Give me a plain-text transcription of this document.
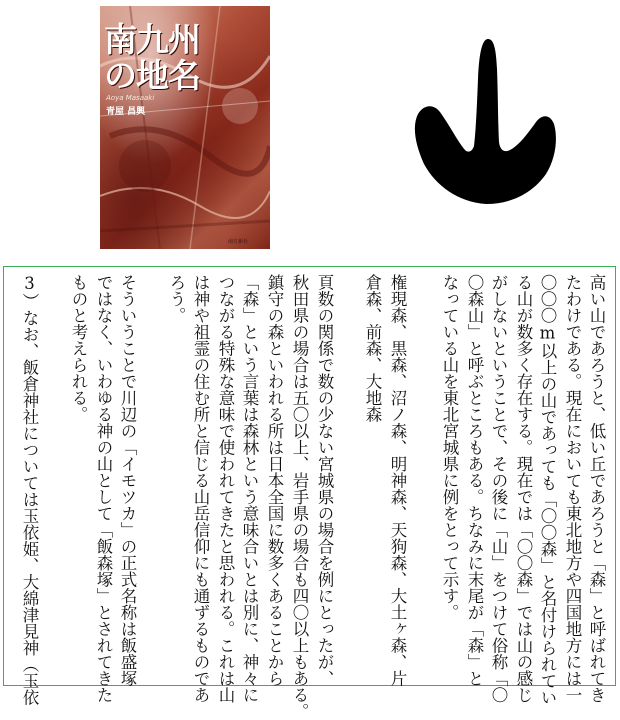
南九州
の地名
Aoya Masaaki
青屋 昌興
南方新社
高い山であろうと、低い丘であろうと「森」と呼ばれてき
たわけである。現在においても東北地方や四国地方には一
〇〇〇m以上の山であっても「〇〇森」と名付けられてい
る山が数多く存在する。現在では「〇〇森」では山の感じ
がしないということで、その後に「山」をつけて俗称「〇
〇森山」と呼ぶところもある。ちなみに末尾が「森」と
なっている山を東北宮城県に例をとって示す。
権現森、黒森、沼ノ森、明神森、天狗森、大土ヶ森、片
倉森、前森、大地森
頁数の関係で数の少ない宮城県の場合を例にとったが、
秋田県の場合は五〇以上、岩手県の場合も四〇以上もある。
鎮守の森といわれる所は日本全国に数多くあることから
「森」という言葉は森林という意味合いとは別に、神々に
つながる特殊な意味で使われてきたと思われる。これは山
は神や祖霊の住む所と信じる山岳信仰にも通ずるものであ
ろう。
そういうことで川辺の「イモツカ」の正式名称は飯盛塚
ではなく、いわゆる神の山として「飯森塚」とされてきた
ものと考えられる。
3）なお、飯倉神社については玉依姫、大綿津見神（玉依
